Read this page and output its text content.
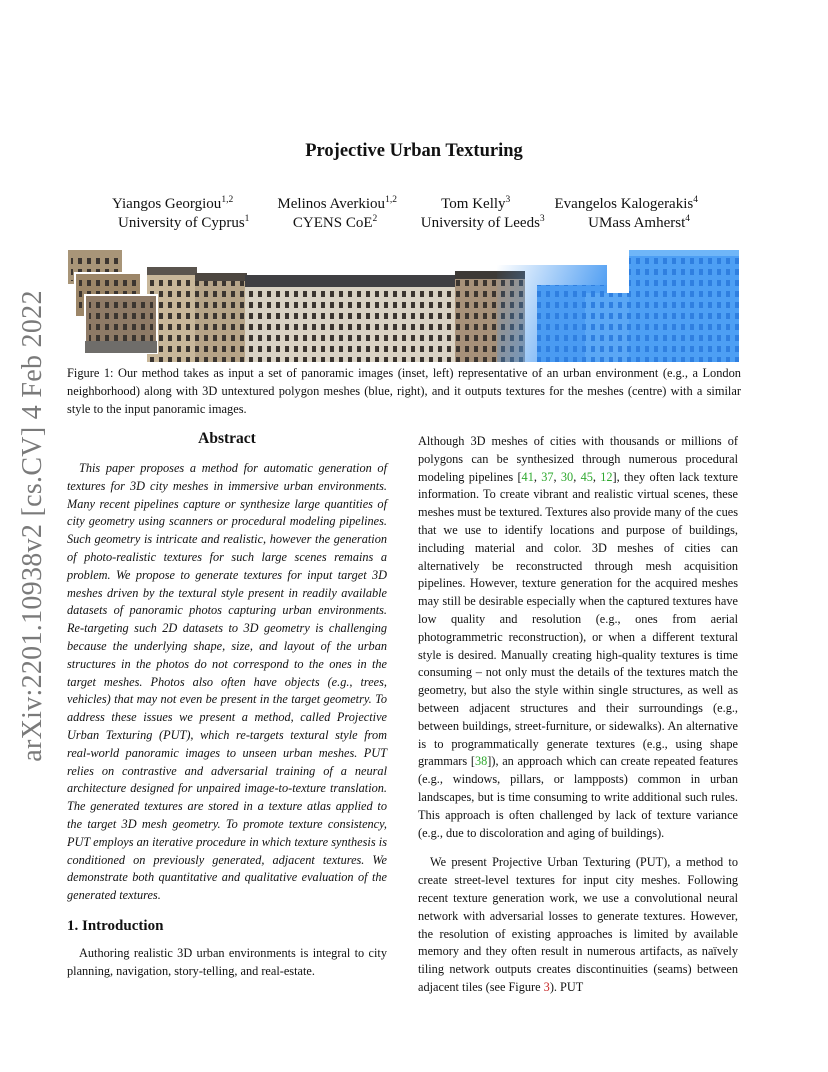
arXiv:2201.10938v2 [cs.CV] 4 Feb 2022
Projective Urban Texturing
Yiangos Georgiou$^{1,2}$	Melinos Averkiou$^{1,2}$	Tom Kelly$^3$	Evangelos Kalogerakis$^4$
University of Cyprus$^1$	CYENS CoE$^2$	University of Leeds$^3$	UMass Amherst$^4$
Figure 1: Our method takes as input a set of panoramic images (inset, left) representative of an urban environment (e.g., a London neighborhood) along with 3D untextured polygon meshes (blue, right), and it outputs textures for the meshes (centre) with a similar style to the input panoramic images.
Abstract

This paper proposes a method for automatic generation of textures for 3D city meshes in immersive urban environments. Many recent pipelines capture or synthesize large quantities of city geometry using scanners or procedural modeling pipelines. Such geometry is intricate and realistic, however the generation of photo-realistic textures for such large scenes remains a problem. We propose to generate textures for input target 3D meshes driven by the textural style present in readily available datasets of panoramic photos capturing urban environments. Re-targeting such 2D datasets to 3D geometry is challenging because the underlying shape, size, and layout of the urban structures in the photos do not correspond to the ones in the target meshes. Photos also often have objects (e.g., trees, vehicles) that may not even be present in the target geometry. To address these issues we present a method, called Projective Urban Texturing (PUT), which re-targets textural style from real-world panoramic images to unseen urban meshes. PUT relies on contrastive and adversarial training of a neural architecture designed for unpaired image-to-texture translation. The generated textures are stored in a texture atlas applied to the target 3D mesh geometry. To promote texture consistency, PUT employs an iterative procedure in which texture synthesis is conditioned on previously generated, adjacent textures. We demonstrate both quantitative and qualitative evaluation of the generated textures.

1. Introduction

Authoring realistic 3D urban environments is integral to city planning, navigation, story-telling, and real-estate.

Although 3D meshes of cities with thousands or millions of polygons can be synthesized through numerous procedural modeling pipelines [41, 37, 30, 45, 12], they often lack texture information. To create vibrant and realistic virtual scenes, these meshes must be textured. Textures also provide many of the cues that we use to identify locations and purpose of buildings, including material and color. 3D meshes of cities can alternatively be reconstructed through mesh acquisition pipelines. However, texture generation for the acquired meshes may still be desirable especially when the captured textures have low quality and resolution (e.g., ones from aerial photogrammetric reconstruction), or when a different textural style is desired. Manually creating high-quality textures is time consuming – not only must the details of the textures match the geometry, but also the style within single structures, as well as between adjacent structures and their surroundings (e.g., between buildings, street-furniture, or sidewalks). An alternative is to programmatically generate textures (e.g., using shape grammars [38]), an approach which can create repeated features (e.g., windows, pillars, or lampposts) common in urban landscapes, but is time consuming to write additional such rules. This approach is often challenged by lack of texture variance (e.g., due to discoloration and aging of buildings).

We present Projective Urban Texturing (PUT), a method to create street-level textures for input city meshes. Following recent texture generation work, we use a convolutional neural network with adversarial losses to generate textures. However, the resolution of existing approaches is limited by available memory and they often result in numerous artifacts, as naïvely tiling network outputs creates discontinuities (seams) between adjacent tiles (see Figure 3). PUT
